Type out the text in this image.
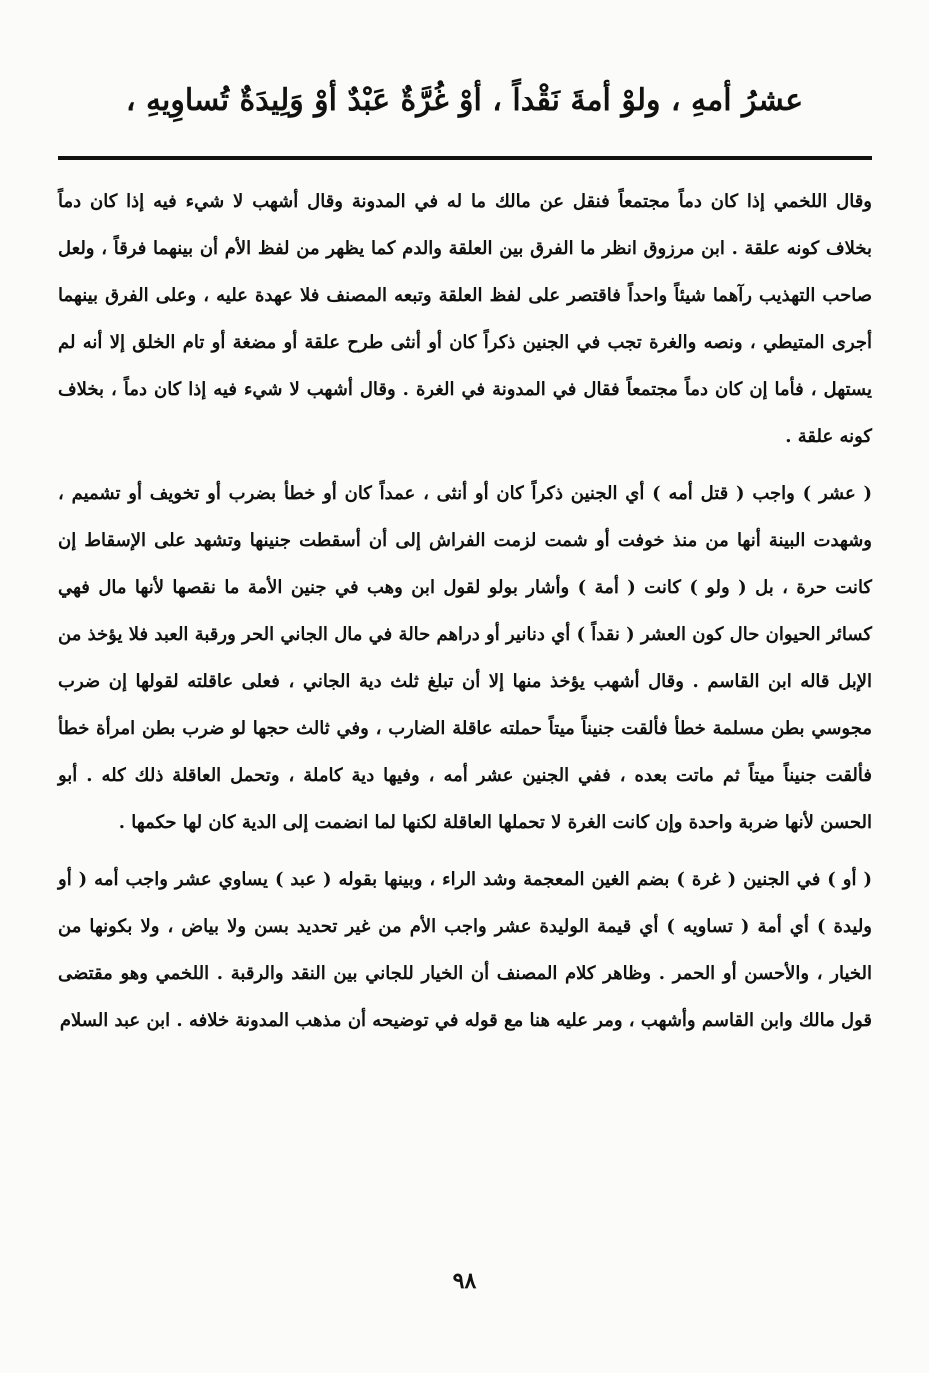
عشرُ أمهِ ، ولوْ أمةَ نَقْداً ، أوْ غُرَّةٌ عَبْدٌ أوْ وَلِيدَةٌ تُساوِيهِ ،

وقال اللخمي إذا كان دماً مجتمعاً فنقل عن مالك ما له في المدونة وقال أشهب لا شيء فيه إذا كان دماً بخلاف كونه علقة . ابن مرزوق انظر ما الفرق بين العلقة والدم كما يظهر من لفظ الأم أن بينهما فرقاً ، ولعل صاحب التهذيب رآهما شيئاً واحداً فاقتصر على لفظ العلقة وتبعه المصنف فلا عهدة عليه ، وعلى الفرق بينهما أجرى المتيطي ، ونصه والغرة تجب في الجنين ذكراً كان أو أنثى طرح علقة أو مضغة أو تام الخلق إلا أنه لم يستهل ، فأما إن كان دماً مجتمعاً فقال في المدونة في الغرة . وقال أشهب لا شيء فيه إذا كان دماً ، بخلاف كونه علقة .

( عشر ) واجب ( قتل أمه ) أي الجنين ذكراً كان أو أنثى ، عمداً كان أو خطأ بضرب أو تخويف أو تشميم ، وشهدت البينة أنها من منذ خوفت أو شمت لزمت الفراش إلى أن أسقطت جنينها وتشهد على الإسقاط إن كانت حرة ، بل ( ولو ) كانت ( أمة ) وأشار بولو لقول ابن وهب في جنين الأمة ما نقصها لأنها مال فهي كسائر الحيوان حال كون العشر ( نقداً ) أي دنانير أو دراهم حالة في مال الجاني الحر ورقبة العبد فلا يؤخذ من الإبل قاله ابن القاسم . وقال أشهب يؤخذ منها إلا أن تبلغ ثلث دية الجاني ، فعلى عاقلته لقولها إن ضرب مجوسي بطن مسلمة خطأ فألقت جنيناً ميتاً حملته عاقلة الضارب ، وفي ثالث حجها لو ضرب بطن امرأة خطأ فألقت جنيناً ميتاً ثم ماتت بعده ، ففي الجنين عشر أمه ، وفيها دية كاملة ، وتحمل العاقلة ذلك كله . أبو الحسن لأنها ضربة واحدة وإن كانت الغرة لا تحملها العاقلة لكنها لما انضمت إلى الدية كان لها حكمها .

( أو ) في الجنين ( غرة ) بضم الغين المعجمة وشد الراء ، وبينها بقوله ( عبد ) يساوي عشر واجب أمه ( أو وليدة ) أي أمة ( تساويه ) أي قيمة الوليدة عشر واجب الأم من غير تحديد بسن ولا بياض ، ولا بكونها من الخيار ، والأحسن أو الحمر . وظاهر كلام المصنف أن الخيار للجاني بين النقد والرقبة . اللخمي وهو مقتضى قول مالك وابن القاسم وأشهب ، ومر عليه هنا مع قوله في توضيحه أن مذهب المدونة خلافه . ابن عبد السلام

٩٨
